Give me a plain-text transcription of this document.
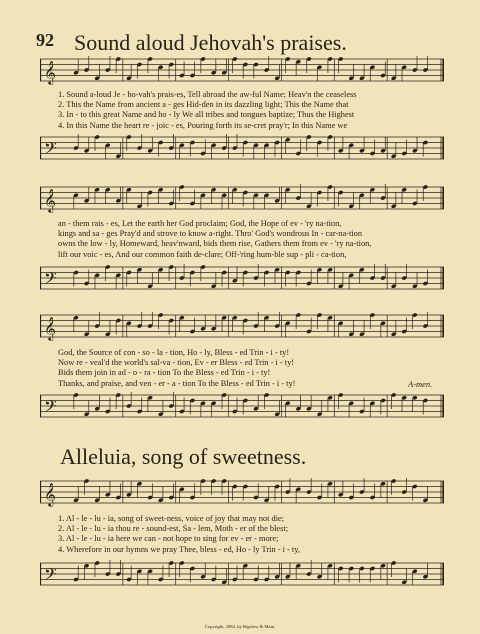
92 Sound aloud Jehovah's praises.
𝄞
1. Sound a-loud Je - ho-vah's prais-es, Tell abroad the aw-ful Name; Heav'n the ceaseless
2. This the Name from ancient a - ges Hid-den in its dazzling light; This the Name that
3. In - to this great Name and ho - ly We all tribes and tongues baptize; Thus the Highest
4. In this Name the heart re - joic - es, Pouring forth its se-cret pray'r; In this Name we
𝄢
𝄞
an - them rais - es, Let the earth her God proclaim; God, the Hope of ev - 'ry na-tion,
kings and sa - ges Pray'd and strove to know a-right. Thro' God's wondrous In - car-na-tion
owns the low - ly, Homeward, heav'nward, bids them rise, Gathers them from ev - 'ry na-tion,
lift our voic - es, And our common faith de-clare; Off-'ring hum-ble sup - pli - ca-tion,
𝄢
𝄞
God, the Source of con - so - la - tion, Ho - ly, Bless - ed Trin - i - ty!
Now re - veal'd the world's sal-va - tion, Ev - er Bless - ed Trin - i - ty!
Bids them join in ad - o - ra - tion To the Bless - ed Trin - i - ty!
Thanks, and praise, and ven - er - a - tion To the Bless - ed Trin - i - ty!	A-men.
𝄢
Alleluia, song of sweetness.
𝄞
1. Al - le - lu - ia, song of sweet-ness, voice of joy that may not die;
2. Al - le - lu - ia thou re - sound-est, Sa - lem, Moth - er of the blest;
3. Al - le - lu - ia here we can - not hope to sing for ev - er - more;
4. Wherefore in our hymns we pray Thee, bless - ed, Ho - ly Trin - i - ty,
𝄢
Copyright, 1882, by Bigelow & Main.
